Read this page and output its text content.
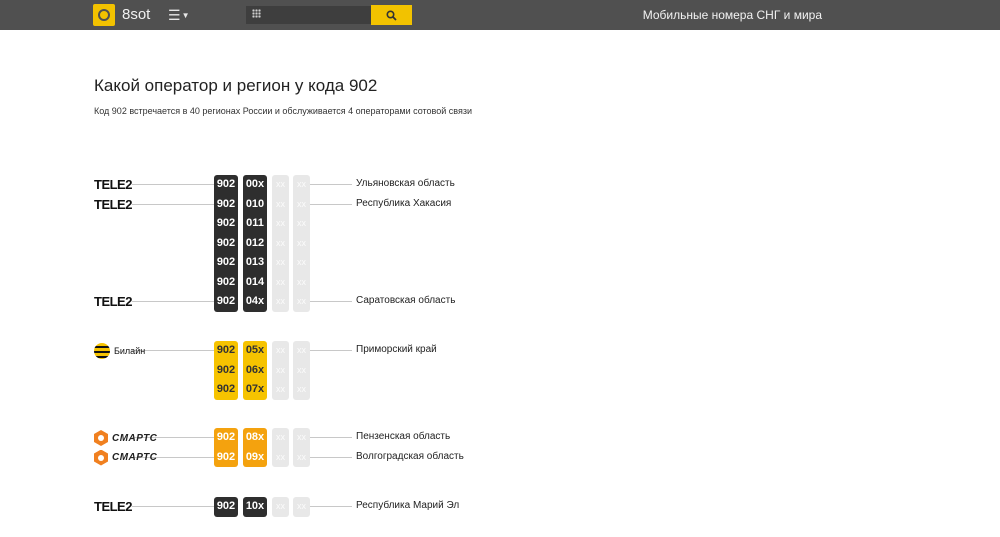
8sot ☰▼	Мобильные номера СНГ и мира
Какой оператор и регион у кода 902
Код 902 встречается в 40 регионах России и обслуживается 4 операторами сотовой связи
TELE2	902 00x	xx	xx	Ульяновская область
TELE2	902 010	xx	xx	Республика Хакасия
902 011	xx	xx
902 012	xx	xx
902 013	xx	xx
902 014	xx	xx
TELE2	902 04x	xx	xx	Саратовская область
Билайн	902 05x	xx	xx	Приморский край
902 06x	xx	xx
902 07x	xx	xx
СМАРТС	902 08x	xx	xx	Пензенская область
СМАРТС	902 09x	xx	xx	Волгоградская область
TELE2	902 10x	xx	xx	Республика Марий Эл
